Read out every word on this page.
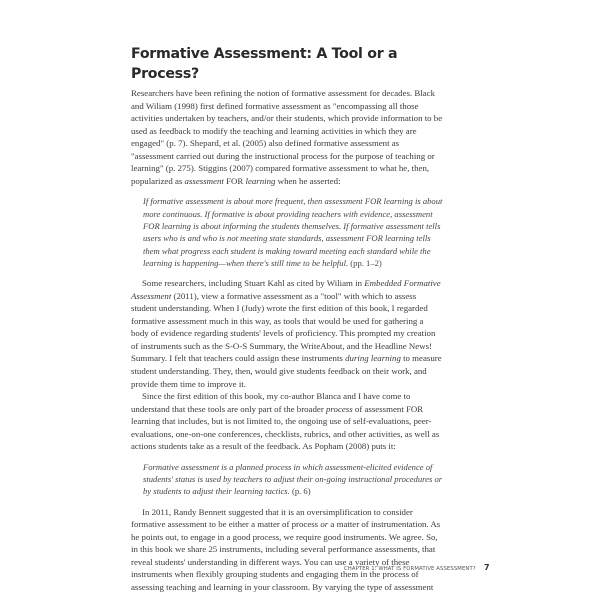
Formative Assessment: A Tool or a Process?

Researchers have been refining the notion of formative assessment for decades. Black and Wiliam (1998) first defined formative assessment as "encompassing all those activities undertaken by teachers, and/or their students, which provide information to be used as feedback to modify the teaching and learning activities in which they are engaged" (p. 7). Shepard, et al. (2005) also defined formative assessment as "assessment carried out during the instructional process for the purpose of teaching or learning" (p. 275). Stiggins (2007) compared formative assessment to what he, then, popularized as assessment FOR learning when he asserted:

If formative assessment is about more frequent, then assessment FOR learning is about more continuous. If formative is about providing teachers with evidence, assessment FOR learning is about informing the students themselves. If formative assessment tells users who is and who is not meeting state standards, assessment FOR learning tells them what progress each student is making toward meeting each standard while the learning is happening—when there's still time to be helpful. (pp. 1–2)

Some researchers, including Stuart Kahl as cited by Wiliam in Embedded Formative Assessment (2011), view a formative assessment as a "tool" with which to assess student understanding. When I (Judy) wrote the first edition of this book, I regarded formative assessment much in this way, as tools that would be used for gathering a body of evidence regarding students' levels of proficiency. This prompted my creation of instruments such as the S-O-S Summary, the WriteAbout, and the Headline News! Summary. I felt that teachers could assign these instruments during learning to measure student understanding. They, then, would give students feedback on their work, and provide them time to improve it.

Since the first edition of this book, my co-author Blanca and I have come to understand that these tools are only part of the broader process of assessment FOR learning that includes, but is not limited to, the ongoing use of self-evaluations, peer-evaluations, one-on-one conferences, checklists, rubrics, and other activities, as well as actions students take as a result of the feedback. As Popham (2008) puts it:

Formative assessment is a planned process in which assessment-elicited evidence of students' status is used by teachers to adjust their on-going instructional procedures or by students to adjust their learning tactics. (p. 6)

In 2011, Randy Bennett suggested that it is an oversimplification to consider formative assessment to be either a matter of process or a matter of instrumentation. As he points out, to engage in a good process, we require good instruments. We agree. So, in this book we share 25 instruments, including several performance assessments, that reveal students' understanding in different ways. You can use a variety of these instruments when flexibly grouping students and engaging them in the process of assessing teaching and learning in your classroom. By varying the type of assessment

CHAPTER 1: WHAT IS FORMATIVE ASSESSMENT? 7
